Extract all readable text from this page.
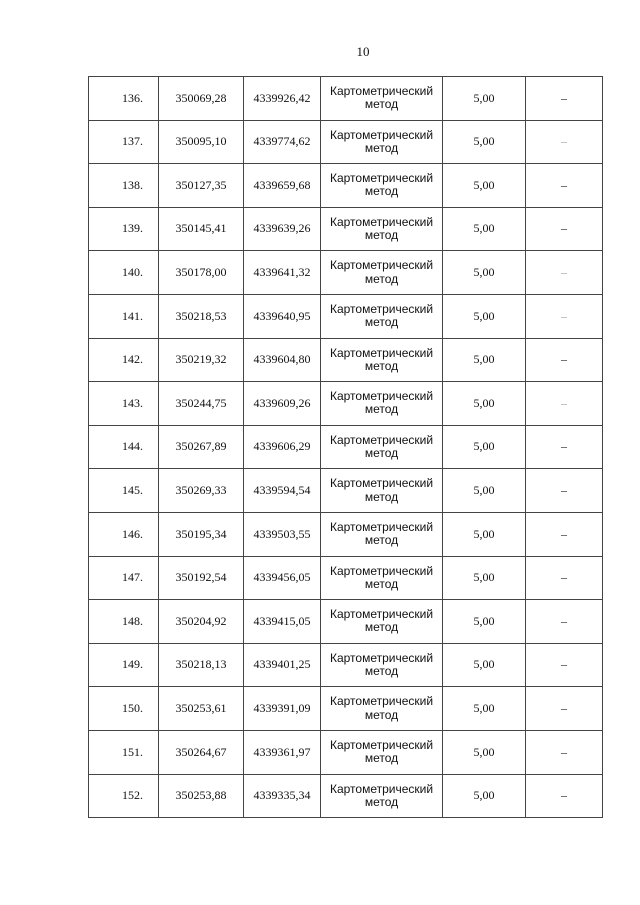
10
136.	350069,28	4339926,42	Картометрический
метод	5,00	–
137.	350095,10	4339774,62	Картометрический
метод	5,00	–
138.	350127,35	4339659,68	Картометрический
метод	5,00	–
139.	350145,41	4339639,26	Картометрический
метод	5,00	–
140.	350178,00	4339641,32	Картометрический
метод	5,00	–
141.	350218,53	4339640,95	Картометрический
метод	5,00	–
142.	350219,32	4339604,80	Картометрический
метод	5,00	–
143.	350244,75	4339609,26	Картометрический
метод	5,00	–
144.	350267,89	4339606,29	Картометрический
метод	5,00	–
145.	350269,33	4339594,54	Картометрический
метод	5,00	–
146.	350195,34	4339503,55	Картометрический
метод	5,00	–
147.	350192,54	4339456,05	Картометрический
метод	5,00	–
148.	350204,92	4339415,05	Картометрический
метод	5,00	–
149.	350218,13	4339401,25	Картометрический
метод	5,00	–
150.	350253,61	4339391,09	Картометрический
метод	5,00	–
151.	350264,67	4339361,97	Картометрический
метод	5,00	–
152.	350253,88	4339335,34	Картометрический
метод	5,00	–
